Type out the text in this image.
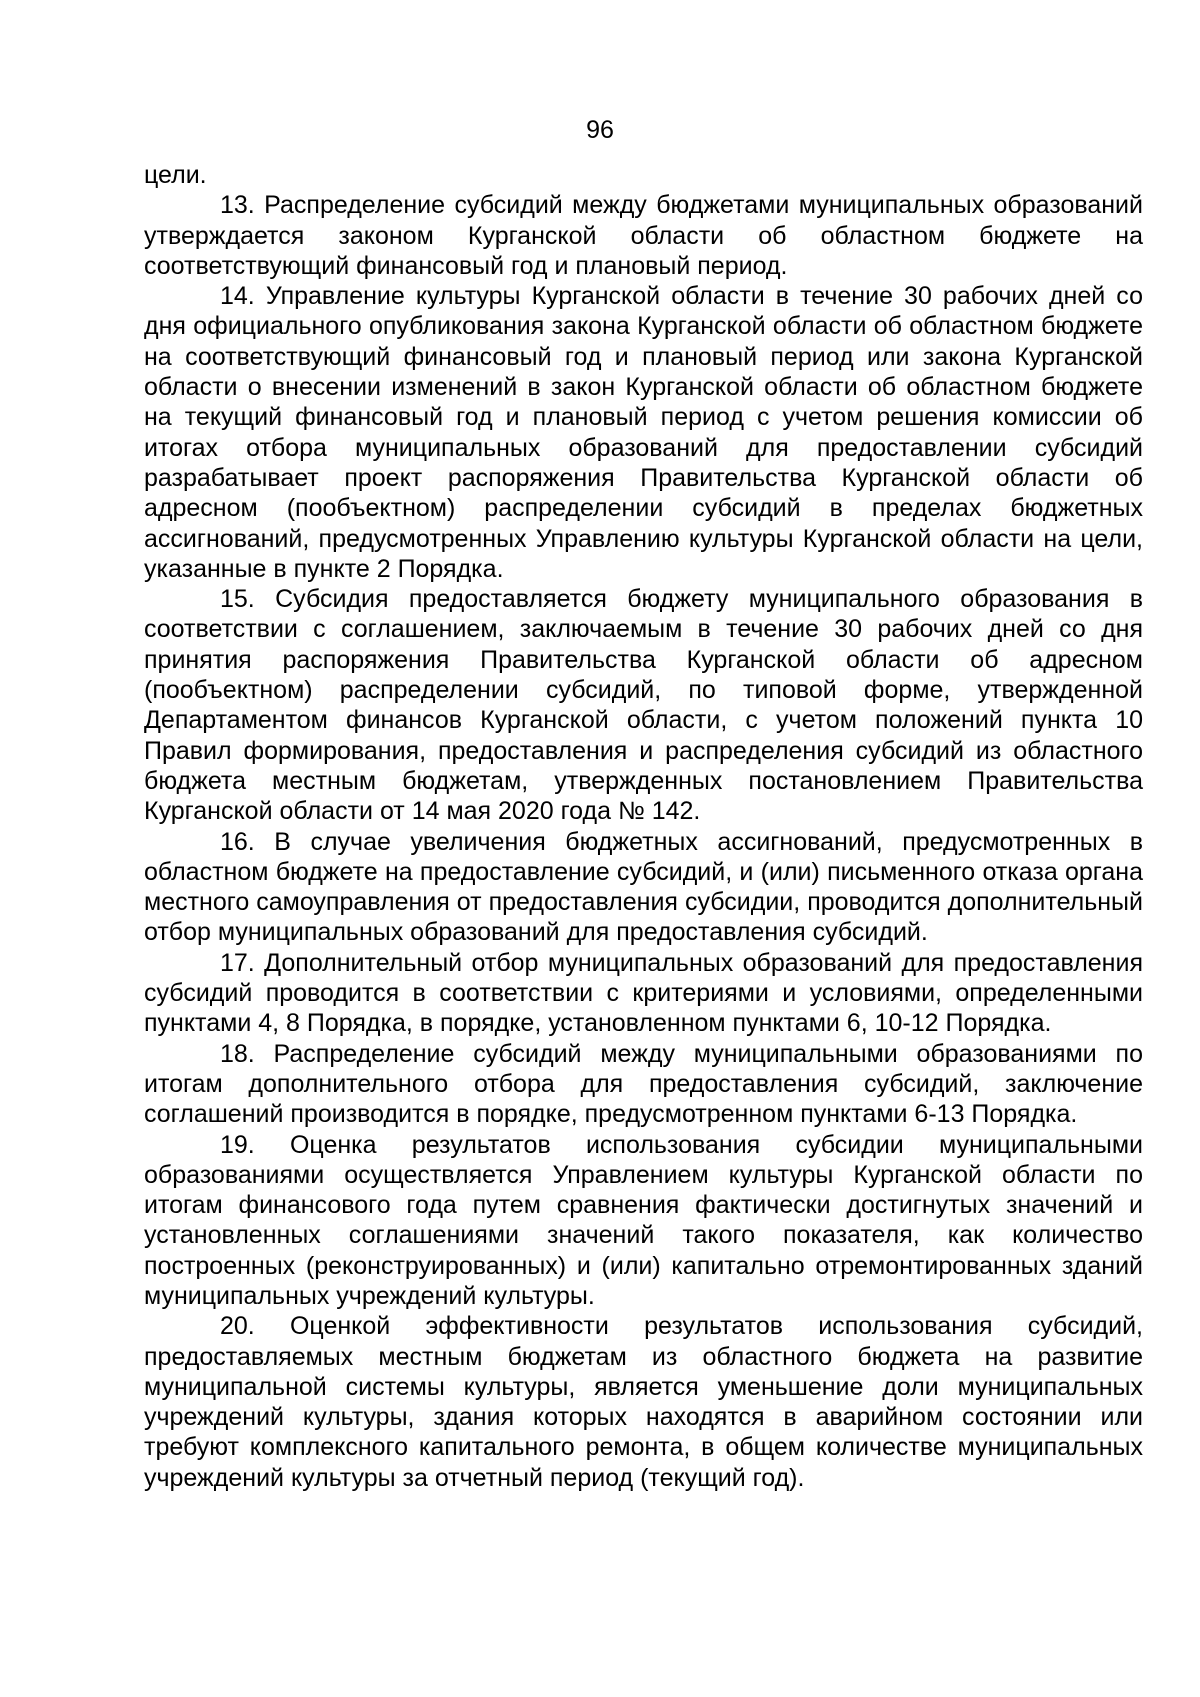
96

цели.

13. Распределение субсидий между бюджетами муниципальных образований утверждается законом Курганской области об областном бюджете на соответствующий финансовый год и плановый период.

14. Управление культуры Курганской области в течение 30 рабочих дней со дня официального опубликования закона Курганской области об областном бюджете на соответствующий финансовый год и плановый период или закона Курганской области о внесении изменений в закон Курганской области об областном бюджете на текущий финансовый год и плановый период с учетом решения комиссии об итогах отбора муниципальных образований для предоставлении субсидий разрабатывает проект распоряжения Правительства Курганской области об адресном (пообъектном) распределении субсидий в пределах бюджетных ассигнований, предусмотренных Управлению культуры Курганской области на цели, указанные в пункте 2 Порядка.

15. Субсидия предоставляется бюджету муниципального образования в соответствии с соглашением, заключаемым в течение 30 рабочих дней со дня принятия распоряжения Правительства Курганской области об адресном (пообъектном) распределении субсидий, по типовой форме, утвержденной Департаментом финансов Курганской области, с учетом положений пункта 10 Правил формирования, предоставления и распределения субсидий из областного бюджета местным бюджетам, утвержденных постановлением Правительства Курганской области от 14 мая 2020 года № 142.

16. В случае увеличения бюджетных ассигнований, предусмотренных в областном бюджете на предоставление субсидий, и (или) письменного отказа органа местного самоуправления от предоставления субсидии, проводится дополнительный отбор муниципальных образований для предоставления субсидий.

17. Дополнительный отбор муниципальных образований для предоставления субсидий проводится в соответствии с критериями и условиями, определенными пунктами 4, 8 Порядка, в порядке, установленном пунктами 6, 10-12 Порядка.

18. Распределение субсидий между муниципальными образованиями по итогам дополнительного отбора для предоставления субсидий, заключение соглашений производится в порядке, предусмотренном пунктами 6-13 Порядка.

19. Оценка результатов использования субсидии муниципальными образованиями осуществляется Управлением культуры Курганской области по итогам финансового года путем сравнения фактически достигнутых значений и установленных соглашениями значений такого показателя, как количество построенных (реконструированных) и (или) капитально отремонтированных зданий муниципальных учреждений культуры.

20. Оценкой эффективности результатов использования субсидий, предоставляемых местным бюджетам из областного бюджета на развитие муниципальной системы культуры, является уменьшение доли муниципальных учреждений культуры, здания которых находятся в аварийном состоянии или требуют комплексного капитального ремонта, в общем количестве муниципальных учреждений культуры за отчетный период (текущий год).
